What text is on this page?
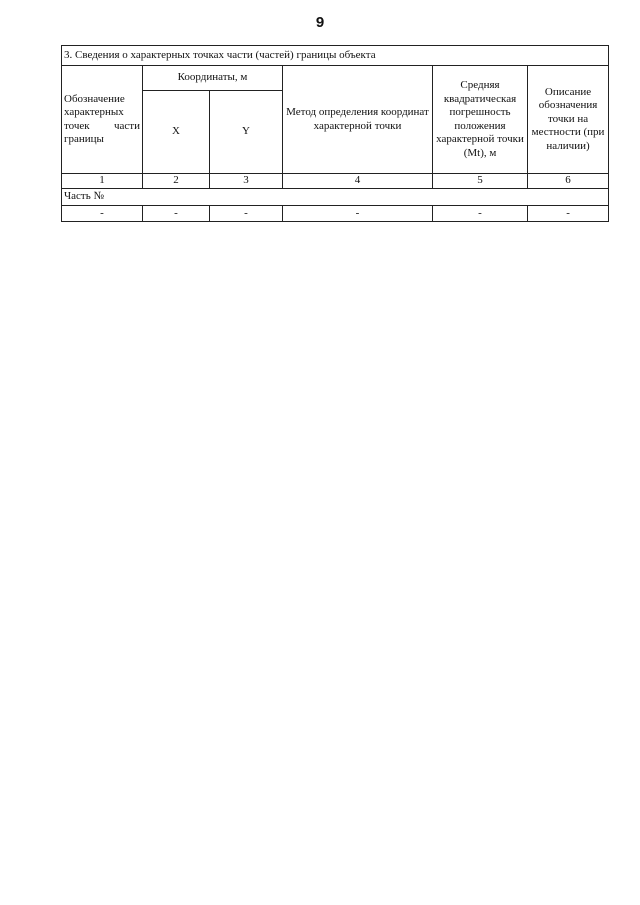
9
3. Сведения о характерных точках части (частей) границы объекта					

Обозначение
характерных
точек части
границы	Координаты, м		Метод определения координат характерной точки	Средняя квадратическая погрешность положения характерной точки (Mt), м	Описание обозначения точки на местности (при наличии)
	X	Y			
1	2	3	4	5	6
Часть №					
-	-	-	-	-	-
